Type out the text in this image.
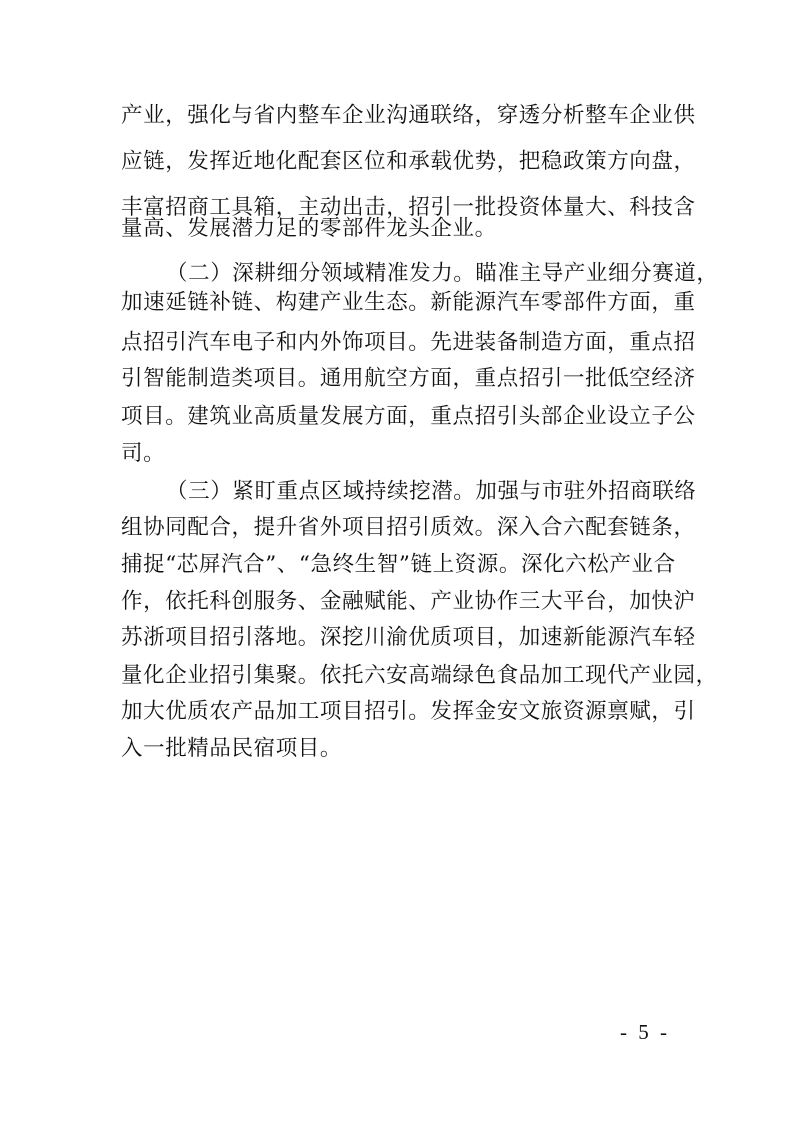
产业，强化与省内整车企业沟通联络，穿透分析整车企业供
应链，发挥近地化配套区位和承载优势，把稳政策方向盘，
丰富招商工具箱，主动出击，招引一批投资体量大、科技含
量高、发展潜力足的零部件龙头企业。
（二）深耕细分领域精准发力。瞄准主导产业细分赛道，
加速延链补链、构建产业生态。新能源汽车零部件方面，重
点招引汽车电子和内外饰项目。先进装备制造方面，重点招
引智能制造类项目。通用航空方面，重点招引一批低空经济
项目。建筑业高质量发展方面，重点招引头部企业设立子公
司。
（三）紧盯重点区域持续挖潜。加强与市驻外招商联络
组协同配合，提升省外项目招引质效。深入合六配套链条，
捕捉“芯屏汽合”、“急终生智”链上资源。深化六松产业合
作，依托科创服务、金融赋能、产业协作三大平台，加快沪
苏浙项目招引落地。深挖川渝优质项目，加速新能源汽车轻
量化企业招引集聚。依托六安高端绿色食品加工现代产业园，
加大优质农产品加工项目招引。发挥金安文旅资源禀赋，引
入一批精品民宿项目。
- 5 -
